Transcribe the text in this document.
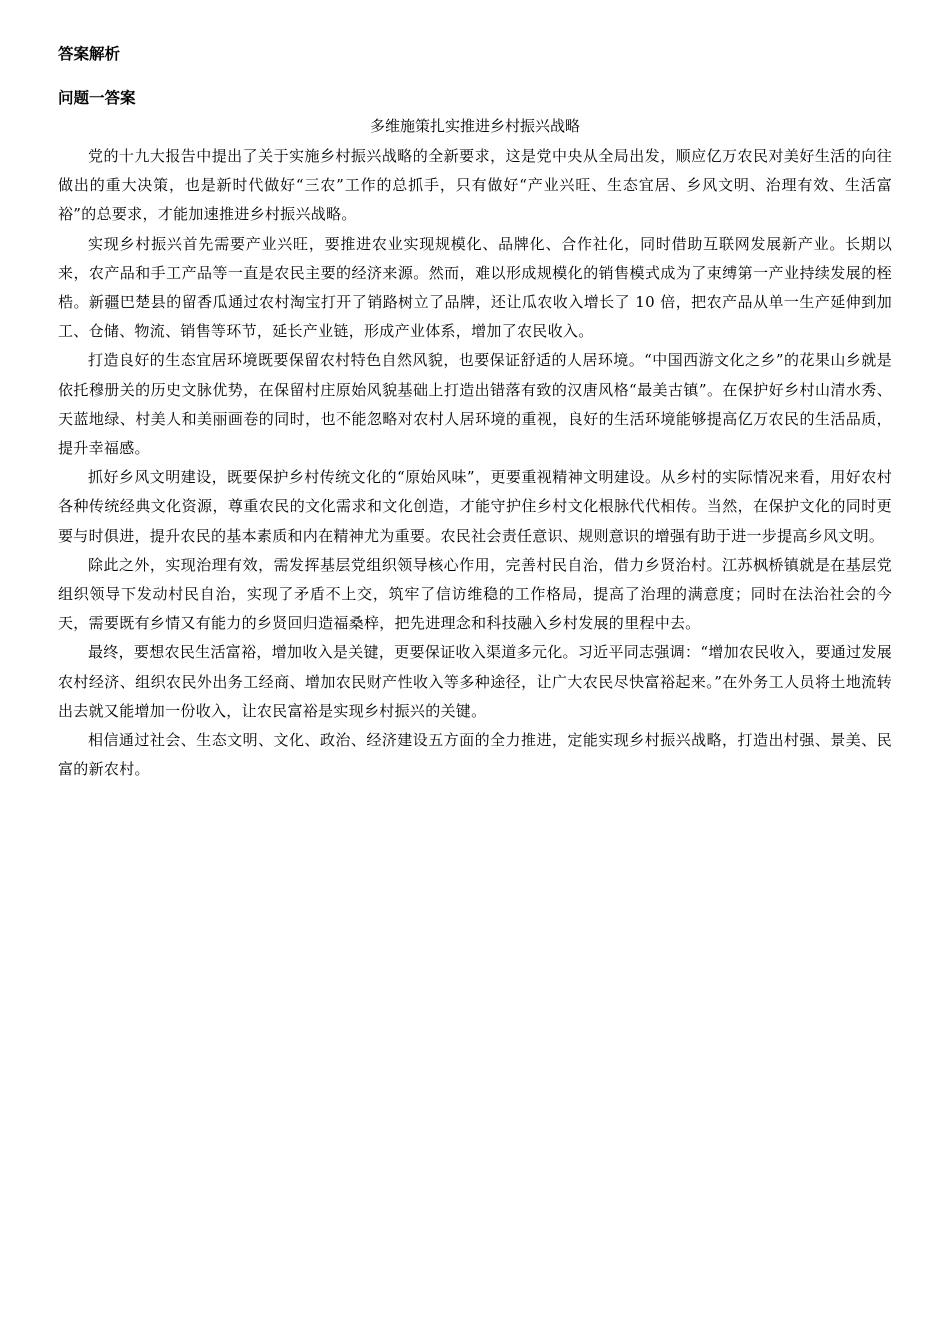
答案解析
问题一答案
多维施策扎实推进乡村振兴战略

党的十九大报告中提出了关于实施乡村振兴战略的全新要求，这是党中央从全局出发，顺应亿万农民对美好生活的向往做出的重大决策，也是新时代做好“三农”工作的总抓手，只有做好“产业兴旺、生态宜居、乡风文明、治理有效、生活富裕”的总要求，才能加速推进乡村振兴战略。

实现乡村振兴首先需要产业兴旺，要推进农业实现规模化、品牌化、合作社化，同时借助互联网发展新产业。长期以来，农产品和手工产品等一直是农民主要的经济来源。然而，难以形成规模化的销售模式成为了束缚第一产业持续发展的桎梏。新疆巴楚县的留香瓜通过农村淘宝打开了销路树立了品牌，还让瓜农收入增长了 10 倍，把农产品从单一生产延伸到加工、仓储、物流、销售等环节，延长产业链，形成产业体系，增加了农民收入。

打造良好的生态宜居环境既要保留农村特色自然风貌，也要保证舒适的人居环境。“中国西游文化之乡”的花果山乡就是依托穆册关的历史文脉优势，在保留村庄原始风貌基础上打造出错落有致的汉唐风格“最美古镇”。在保护好乡村山清水秀、天蓝地绿、村美人和美丽画卷的同时，也不能忽略对农村人居环境的重视，良好的生活环境能够提高亿万农民的生活品质，提升幸福感。

抓好乡风文明建设，既要保护乡村传统文化的“原始风味”，更要重视精神文明建设。从乡村的实际情况来看，用好农村各种传统经典文化资源，尊重农民的文化需求和文化创造，才能守护住乡村文化根脉代代相传。当然，在保护文化的同时更要与时俱进，提升农民的基本素质和内在精神尤为重要。农民社会责任意识、规则意识的增强有助于进一步提高乡风文明。

除此之外，实现治理有效，需发挥基层党组织领导核心作用，完善村民自治，借力乡贤治村。江苏枫桥镇就是在基层党组织领导下发动村民自治，实现了矛盾不上交，筑牢了信访维稳的工作格局，提高了治理的满意度；同时在法治社会的今天，需要既有乡情又有能力的乡贤回归造福桑梓，把先进理念和科技融入乡村发展的里程中去。

最终，要想农民生活富裕，增加收入是关键，更要保证收入渠道多元化。习近平同志强调：“增加农民收入，要通过发展农村经济、组织农民外出务工经商、增加农民财产性收入等多种途径，让广大农民尽快富裕起来。”在外务工人员将土地流转出去就又能增加一份收入，让农民富裕是实现乡村振兴的关键。

相信通过社会、生态文明、文化、政治、经济建设五方面的全力推进，定能实现乡村振兴战略，打造出村强、景美、民富的新农村。
